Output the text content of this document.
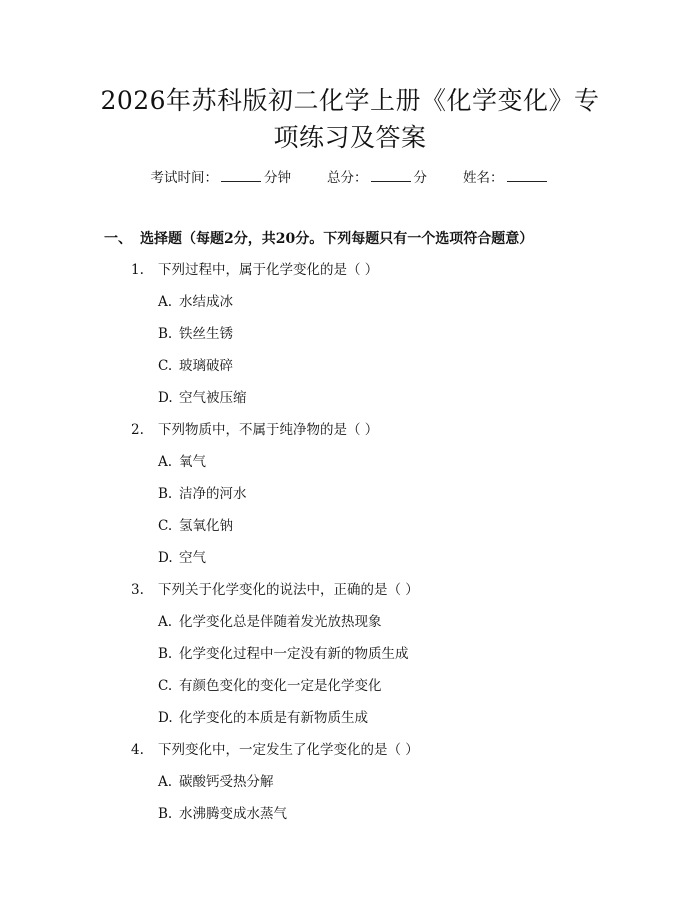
2026年苏科版初二化学上册《化学变化》专
项练习及答案
考试时间：	分钟	总分：	分	姓名：
一、 选择题（每题2分，共20分。下列每题只有一个选项符合题意）
1. 下列过程中，属于化学变化的是（ ）
A. 水结成冰
B. 铁丝生锈
C. 玻璃破碎
D. 空气被压缩
2. 下列物质中，不属于纯净物的是（ ）
A. 氧气
B. 洁净的河水
C. 氢氧化钠
D. 空气
3. 下列关于化学变化的说法中，正确的是（ ）
A. 化学变化总是伴随着发光放热现象
B. 化学变化过程中一定没有新的物质生成
C. 有颜色变化的变化一定是化学变化
D. 化学变化的本质是有新物质生成
4. 下列变化中，一定发生了化学变化的是（ ）
A. 碳酸钙受热分解
B. 水沸腾变成水蒸气
